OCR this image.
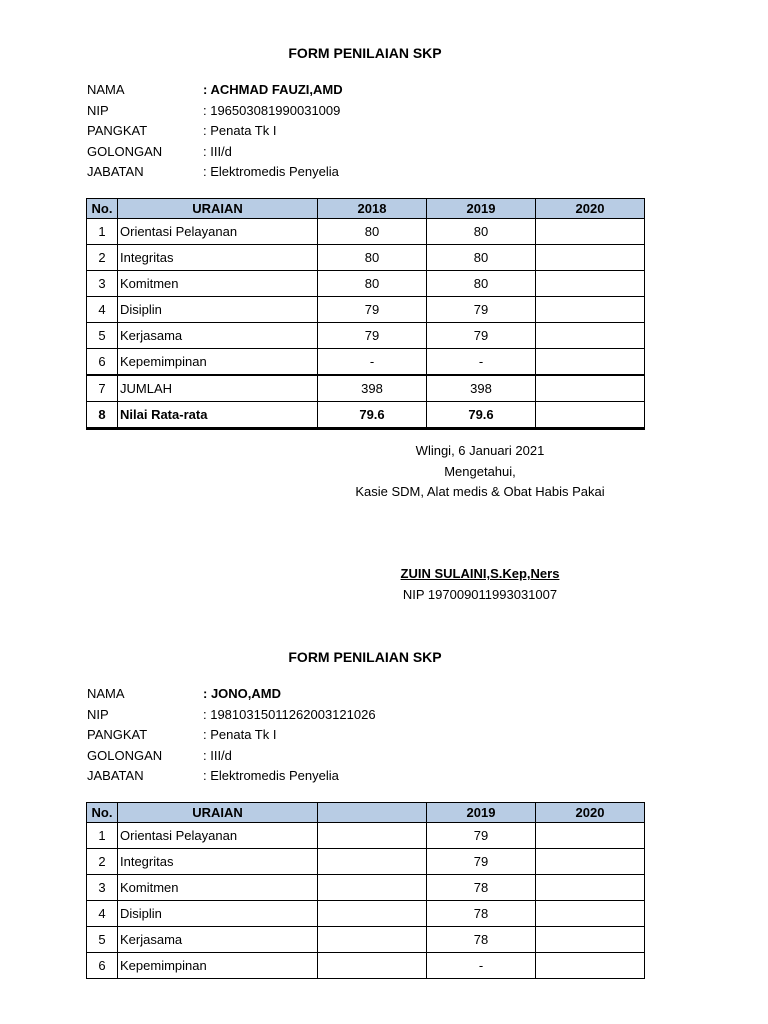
FORM PENILAIAN SKP
NAMA	: ACHMAD FAUZI,AMD
NIP	: 196503081990031009
PANGKAT	: Penata Tk I
GOLONGAN	: III/d
JABATAN	: Elektromedis Penyelia
No.	URAIAN	2018	2019	2020
1	Orientasi Pelayanan	80	80	
2	Integritas	80	80	
3	Komitmen	80	80	
4	Disiplin	79	79	
5	Kerjasama	79	79	
6	Kepemimpinan	-	-	
7	JUMLAH	398	398	
8	Nilai Rata-rata	79.6	79.6	
Wlingi, 6 Januari 2021
Mengetahui,
Kasie SDM, Alat medis & Obat Habis Pakai
ZUIN SULAINI,S.Kep,Ners
NIP 197009011993031007
FORM PENILAIAN SKP
NAMA	: JONO,AMD
NIP	: 19810315011262003121026
PANGKAT	: Penata Tk I
GOLONGAN	: III/d
JABATAN	: Elektromedis Penyelia
No.	URAIAN		2019	2020
1	Orientasi Pelayanan		79	
2	Integritas		79	
3	Komitmen		78	
4	Disiplin		78	
5	Kerjasama		78	
6	Kepemimpinan		-	
